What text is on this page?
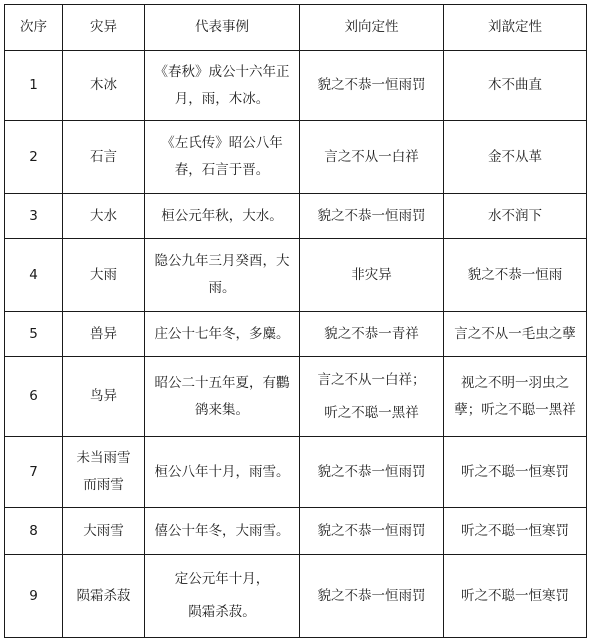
次序	灾异	代表事例	刘向定性	刘歆定性
1	木冰	《春秋》成公十六年正
月，雨，木冰。	貌之不恭一恒雨罚	木不曲直

2	石言	《左氏传》昭公八年
春，石言于晋。	言之不从一白祥	金不从革

3	大水	桓公元年秋，大水。	貌之不恭一恒雨罚	水不润下

4	大雨	隐公九年三月癸酉，大
雨。	非灾异	貌之不恭一恒雨

5	兽异	庄公十七年冬，多麋。	貌之不恭一青祥	言之不从一毛虫之孽

6	鸟异	昭公二十五年夏，有鸜
鹆来集。	言之不从一白祥；
听之不聪一黑祥	视之不明一羽虫之
孽；听之不聪一黑祥

7	未当雨雪
而雨雪	桓公八年十月，雨雪。	貌之不恭一恒雨罚	听之不聪一恒寒罚

8	大雨雪	僖公十年冬，大雨雪。	貌之不恭一恒雨罚	听之不聪一恒寒罚

9	陨霜杀菽	定公元年十月，
陨霜杀菽。	貌之不恭一恒雨罚	听之不聪一恒寒罚
